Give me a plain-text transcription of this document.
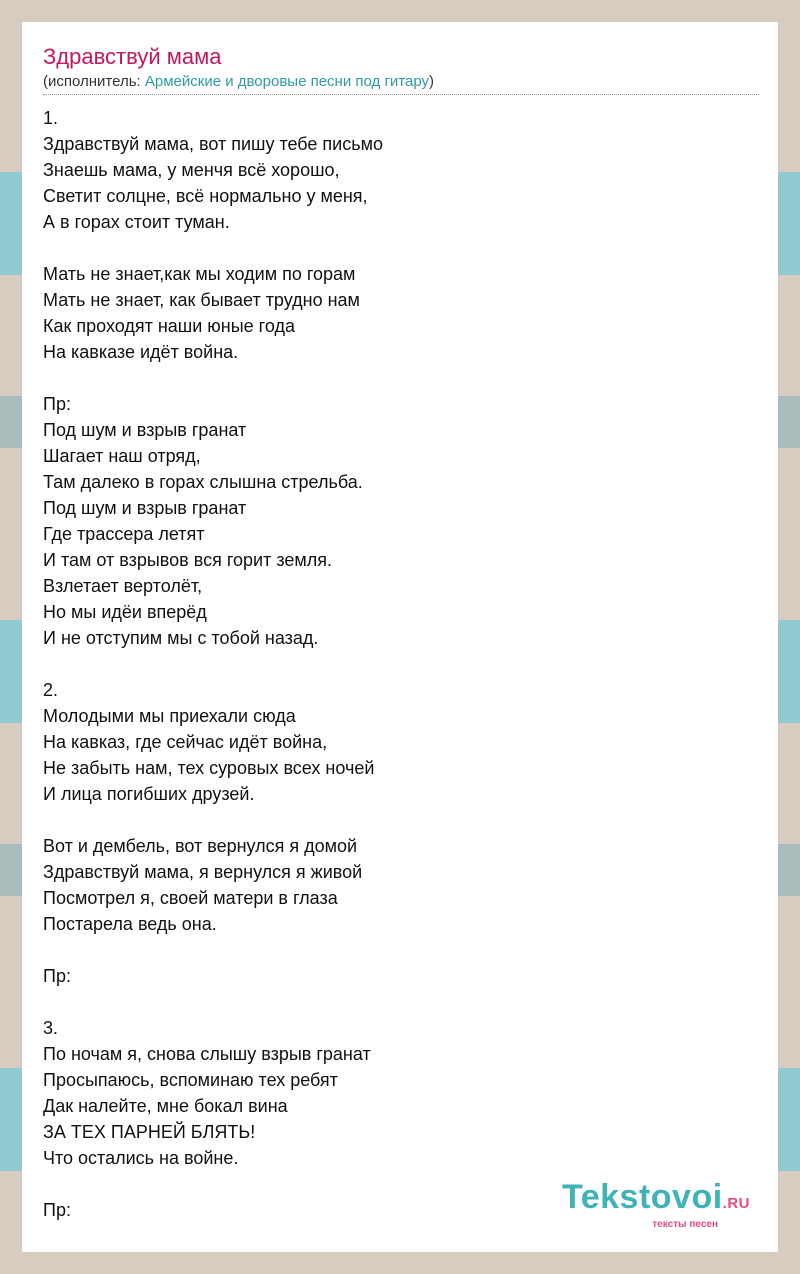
Здравствуй мама
(исполнитель: Армейские и дворовые песни под гитару)
1.
Здравствуй мама, вот пишу тебе письмо
Знаешь мама, у менчя всё хорошо,
Светит солцне, всё нормально у меня,
А в горах стоит туман.

Мать не знает,как мы ходим по горам
Мать не знает, как бывает трудно нам
Как проходят наши юные года
На кавказе идёт война.

Пр:
Под шум и взрыв гранат
Шагает наш отряд,
Там далеко в горах слышна стрельба.
Под шум и взрыв гранат
Где трассера летят
И там от взрывов вся горит земля.
Взлетает вертолёт,
Но мы идёи вперёд
И не отступим мы с тобой назад.

2.
Молодыми мы приехали сюда
На кавказ, где сейчас идёт война,
Не забыть нам, тех суровых всех ночей
И лица погибших друзей.

Вот и дембель, вот вернулся я домой
Здравствуй мама, я вернулся я живой
Посмотрел я, своей матери в глаза
Постарела ведь она.

Пр:

3.
По ночам я, снова слышу взрыв гранат
Просыпаюсь, вспоминаю тех ребят
Дак налейте, мне бокал вина
ЗА ТЕХ ПАРНЕЙ БЛЯТЬ!
Что остались на войне.

Пр:	Tekstovoi.RU
тексты песен
